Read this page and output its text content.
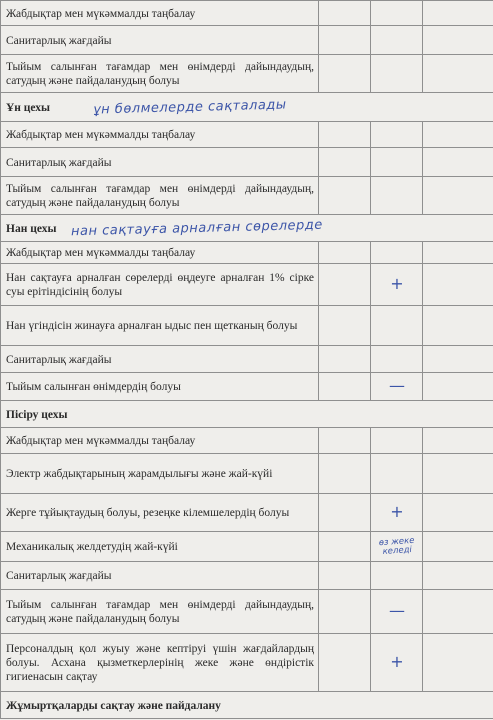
Жабдықтар мен мүкәммалды таңбалау			
Санитарлық жағдайы			
Тыйым салынған тағамдар мен өнімдерді дайындаудың, сатудың және пайдаланудың болуы			
Ұн цехы ұн бөлмелерде сақталады			
Жабдықтар мен мүкәммалды таңбалау			
Санитарлық жағдайы			
Тыйым салынған тағамдар мен өнімдерді дайындаудың, сатудың және пайдаланудың болуы			
Нан цехы нан сақтауға арналған сөрелерде			
Жабдықтар мен мүкәммалды таңбалау			
Нан сақтауға арналған сөрелерді өңдеуге арналған 1% сірке суы ерітіндісінің болуы		+	
Нан үгіндісін жинауға арналған ыдыс пен щетканың болуы			
Санитарлық жағдайы			
Тыйым салынған өнімдердің болуы		—	
Пісіру цехы			
Жабдықтар мен мүкәммалды таңбалау			
Электр жабдықтарының жарамдылығы және жай-күйі			
Жерге тұйықтаудың болуы, резеңке кілемшелердің болуы		+	
Механикалық желдетудің жай-күйі		өз жеке келеді	
Санитарлық жағдайы			
Тыйым салынған тағамдар мен өнімдерді дайындаудың, сатудың және пайдаланудың болуы		—	
Персоналдың қол жуыу және кептіруі үшін жағдайлардың болуы. Асхана қызметкерлерінің жеке және өндірістік гигиенасын сақтау		+	
Жұмыртқаларды сақтау және пайдалану			
